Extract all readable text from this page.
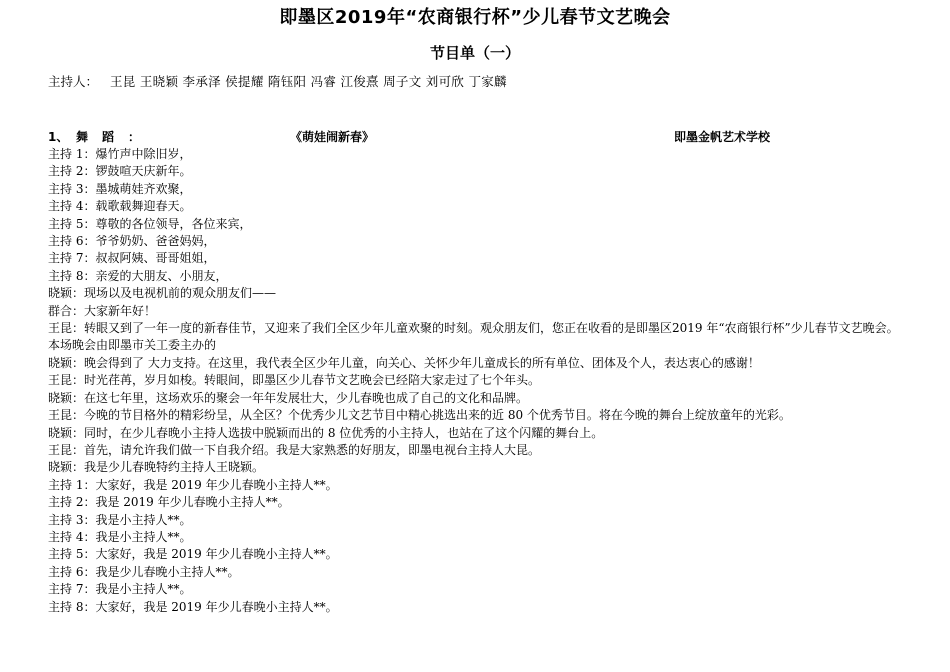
即墨区2019年“农商银行杯”少儿春节文艺晚会
节目单（一）
主持人： 王昆 王晓颖 李承泽 侯提耀 隋钰阳 冯睿 江俊熹 周子文 刘可欣 丁家麟
1、 舞蹈：	《萌娃闹新春》	即墨金帆艺术学校
主持 1：爆竹声中除旧岁，
主持 2：锣鼓喧天庆新年。
主持 3：墨城萌娃齐欢聚，
主持 4：载歌载舞迎春天。
主持 5：尊敬的各位领导，各位来宾，
主持 6：爷爷奶奶、爸爸妈妈，
主持 7：叔叔阿姨、哥哥姐姐，
主持 8：亲爱的大朋友、小朋友，
晓颖：现场以及电视机前的观众朋友们——
群合：大家新年好！
王昆：转眼又到了一年一度的新春佳节，又迎来了我们全区少年儿童欢聚的时刻。观众朋友们，您正在收看的是即墨区2019 年“农商银行杯”少儿春节文艺晚会。本场晚会由即墨市关工委主办的
晓颖：晚会得到了 大力支持。在这里，我代表全区少年儿童，向关心、关怀少年儿童成长的所有单位、团体及个人，表达衷心的感谢！
王昆：时光荏苒，岁月如梭。转眼间，即墨区少儿春节文艺晚会已经陪大家走过了七个年头。
晓颖：在这七年里，这场欢乐的聚会一年年发展壮大，少儿春晚也成了自己的文化和品牌。
王昆：今晚的节目格外的精彩纷呈，从全区？个优秀少儿文艺节目中精心挑选出来的近 80 个优秀节目。将在今晚的舞台上绽放童年的光彩。
晓颖：同时，在少儿春晚小主持人选拔中脱颖而出的 8 位优秀的小主持人，也站在了这个闪耀的舞台上。
王昆：首先，请允许我们做一下自我介绍。我是大家熟悉的好朋友，即墨电视台主持人大昆。
晓颖：我是少儿春晚特约主持人王晓颖。
主持 1：大家好，我是 2019 年少儿春晚小主持人**。
主持 2：我是 2019 年少儿春晚小主持人**。
主持 3：我是小主持人**。
主持 4：我是小主持人**。
主持 5：大家好，我是 2019 年少儿春晚小主持人**。
主持 6：我是少儿春晚小主持人**。
主持 7：我是小主持人**。
主持 8：大家好，我是 2019 年少儿春晚小主持人**。
